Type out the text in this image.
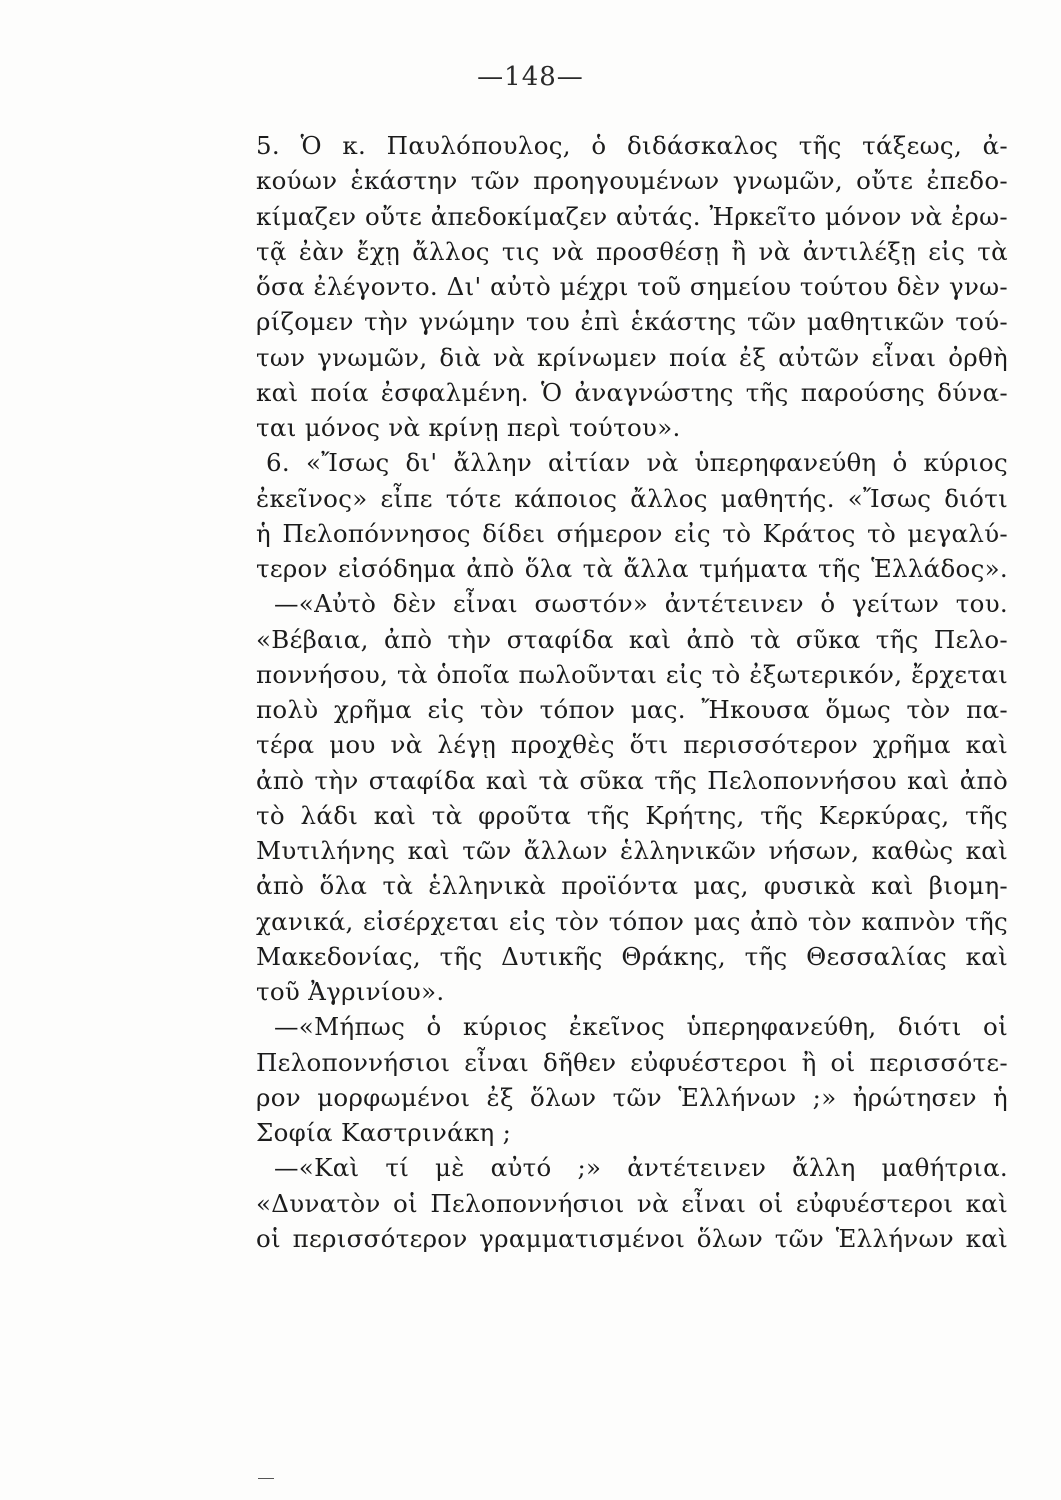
—148—
5. Ὁ κ. Παυλόπουλος, ὁ διδάσκαλος τῆς τάξεως, ἀ-
κούων ἑκάστην τῶν προηγουμένων γνωμῶν, οὔτε ἐπεδο-
κίμαζεν οὔτε ἀπεδοκίμαζεν αὐτάς. Ἠρκεῖτο μόνον νὰ ἐρω-
τᾷ ἐὰν ἔχῃ ἄλλος τις νὰ προσθέσῃ ἢ νὰ ἀντιλέξῃ εἰς τὰ
ὅσα ἐλέγοντο. Δι' αὐτὸ μέχρι τοῦ σημείου τούτου δὲν γνω-
ρίζομεν τὴν γνώμην του ἐπὶ ἑκάστης τῶν μαθητικῶν τού-
των γνωμῶν, διὰ νὰ κρίνωμεν ποία ἐξ αὐτῶν εἶναι ὀρθὴ
καὶ ποία ἐσφαλμένη. Ὁ ἀναγνώστης τῆς παρούσης δύνα-
ται μόνος νὰ κρίνῃ περὶ τούτου».
6. «Ἴσως δι' ἄλλην αἰτίαν νὰ ὑπερηφανεύθη ὁ κύριος
ἐκεῖνος» εἶπε τότε κάποιος ἄλλος μαθητής. «Ἴσως διότι
ἡ Πελοπόννησος δίδει σήμερον εἰς τὸ Κράτος τὸ μεγαλύ-
τερον εἰσόδημα ἀπὸ ὅλα τὰ ἄλλα τμήματα τῆς Ἑλλάδος».
—«Αὐτὸ δὲν εἶναι σωστόν» ἀντέτεινεν ὁ γείτων του.
«Βέβαια, ἀπὸ τὴν σταφίδα καὶ ἀπὸ τὰ σῦκα τῆς Πελο-
ποννήσου, τὰ ὁποῖα πωλοῦνται εἰς τὸ ἐξωτερικόν, ἔρχεται
πολὺ χρῆμα εἰς τὸν τόπον μας. Ἤκουσα ὅμως τὸν πα-
τέρα μου νὰ λέγῃ προχθὲς ὅτι περισσότερον χρῆμα καὶ
ἀπὸ τὴν σταφίδα καὶ τὰ σῦκα τῆς Πελοποννήσου καὶ ἀπὸ
τὸ λάδι καὶ τὰ φροῦτα τῆς Κρήτης, τῆς Κερκύρας, τῆς
Μυτιλήνης καὶ τῶν ἄλλων ἑλληνικῶν νήσων, καθὼς καὶ
ἀπὸ ὅλα τὰ ἑλληνικὰ προϊόντα μας, φυσικὰ καὶ βιομη-
χανικά, εἰσέρχεται εἰς τὸν τόπον μας ἀπὸ τὸν καπνὸν τῆς
Μακεδονίας, τῆς Δυτικῆς Θράκης, τῆς Θεσσαλίας καὶ
τοῦ Ἀγρινίου».
—«Μήπως ὁ κύριος ἐκεῖνος ὑπερηφανεύθη, διότι οἱ
Πελοποννήσιοι εἶναι δῆθεν εὐφυέστεροι ἢ οἱ περισσότε-
ρον μορφωμένοι ἐξ ὅλων τῶν Ἑλλήνων ;» ἠρώτησεν ἡ
Σοφία Καστρινάκη ;
—«Καὶ τί μὲ αὐτό ;» ἀντέτεινεν ἄλλη μαθήτρια.
«Δυνατὸν οἱ Πελοποννήσιοι νὰ εἶναι οἱ εὐφυέστεροι καὶ
οἱ περισσότερον γραμματισμένοι ὅλων τῶν Ἑλλήνων καὶ
